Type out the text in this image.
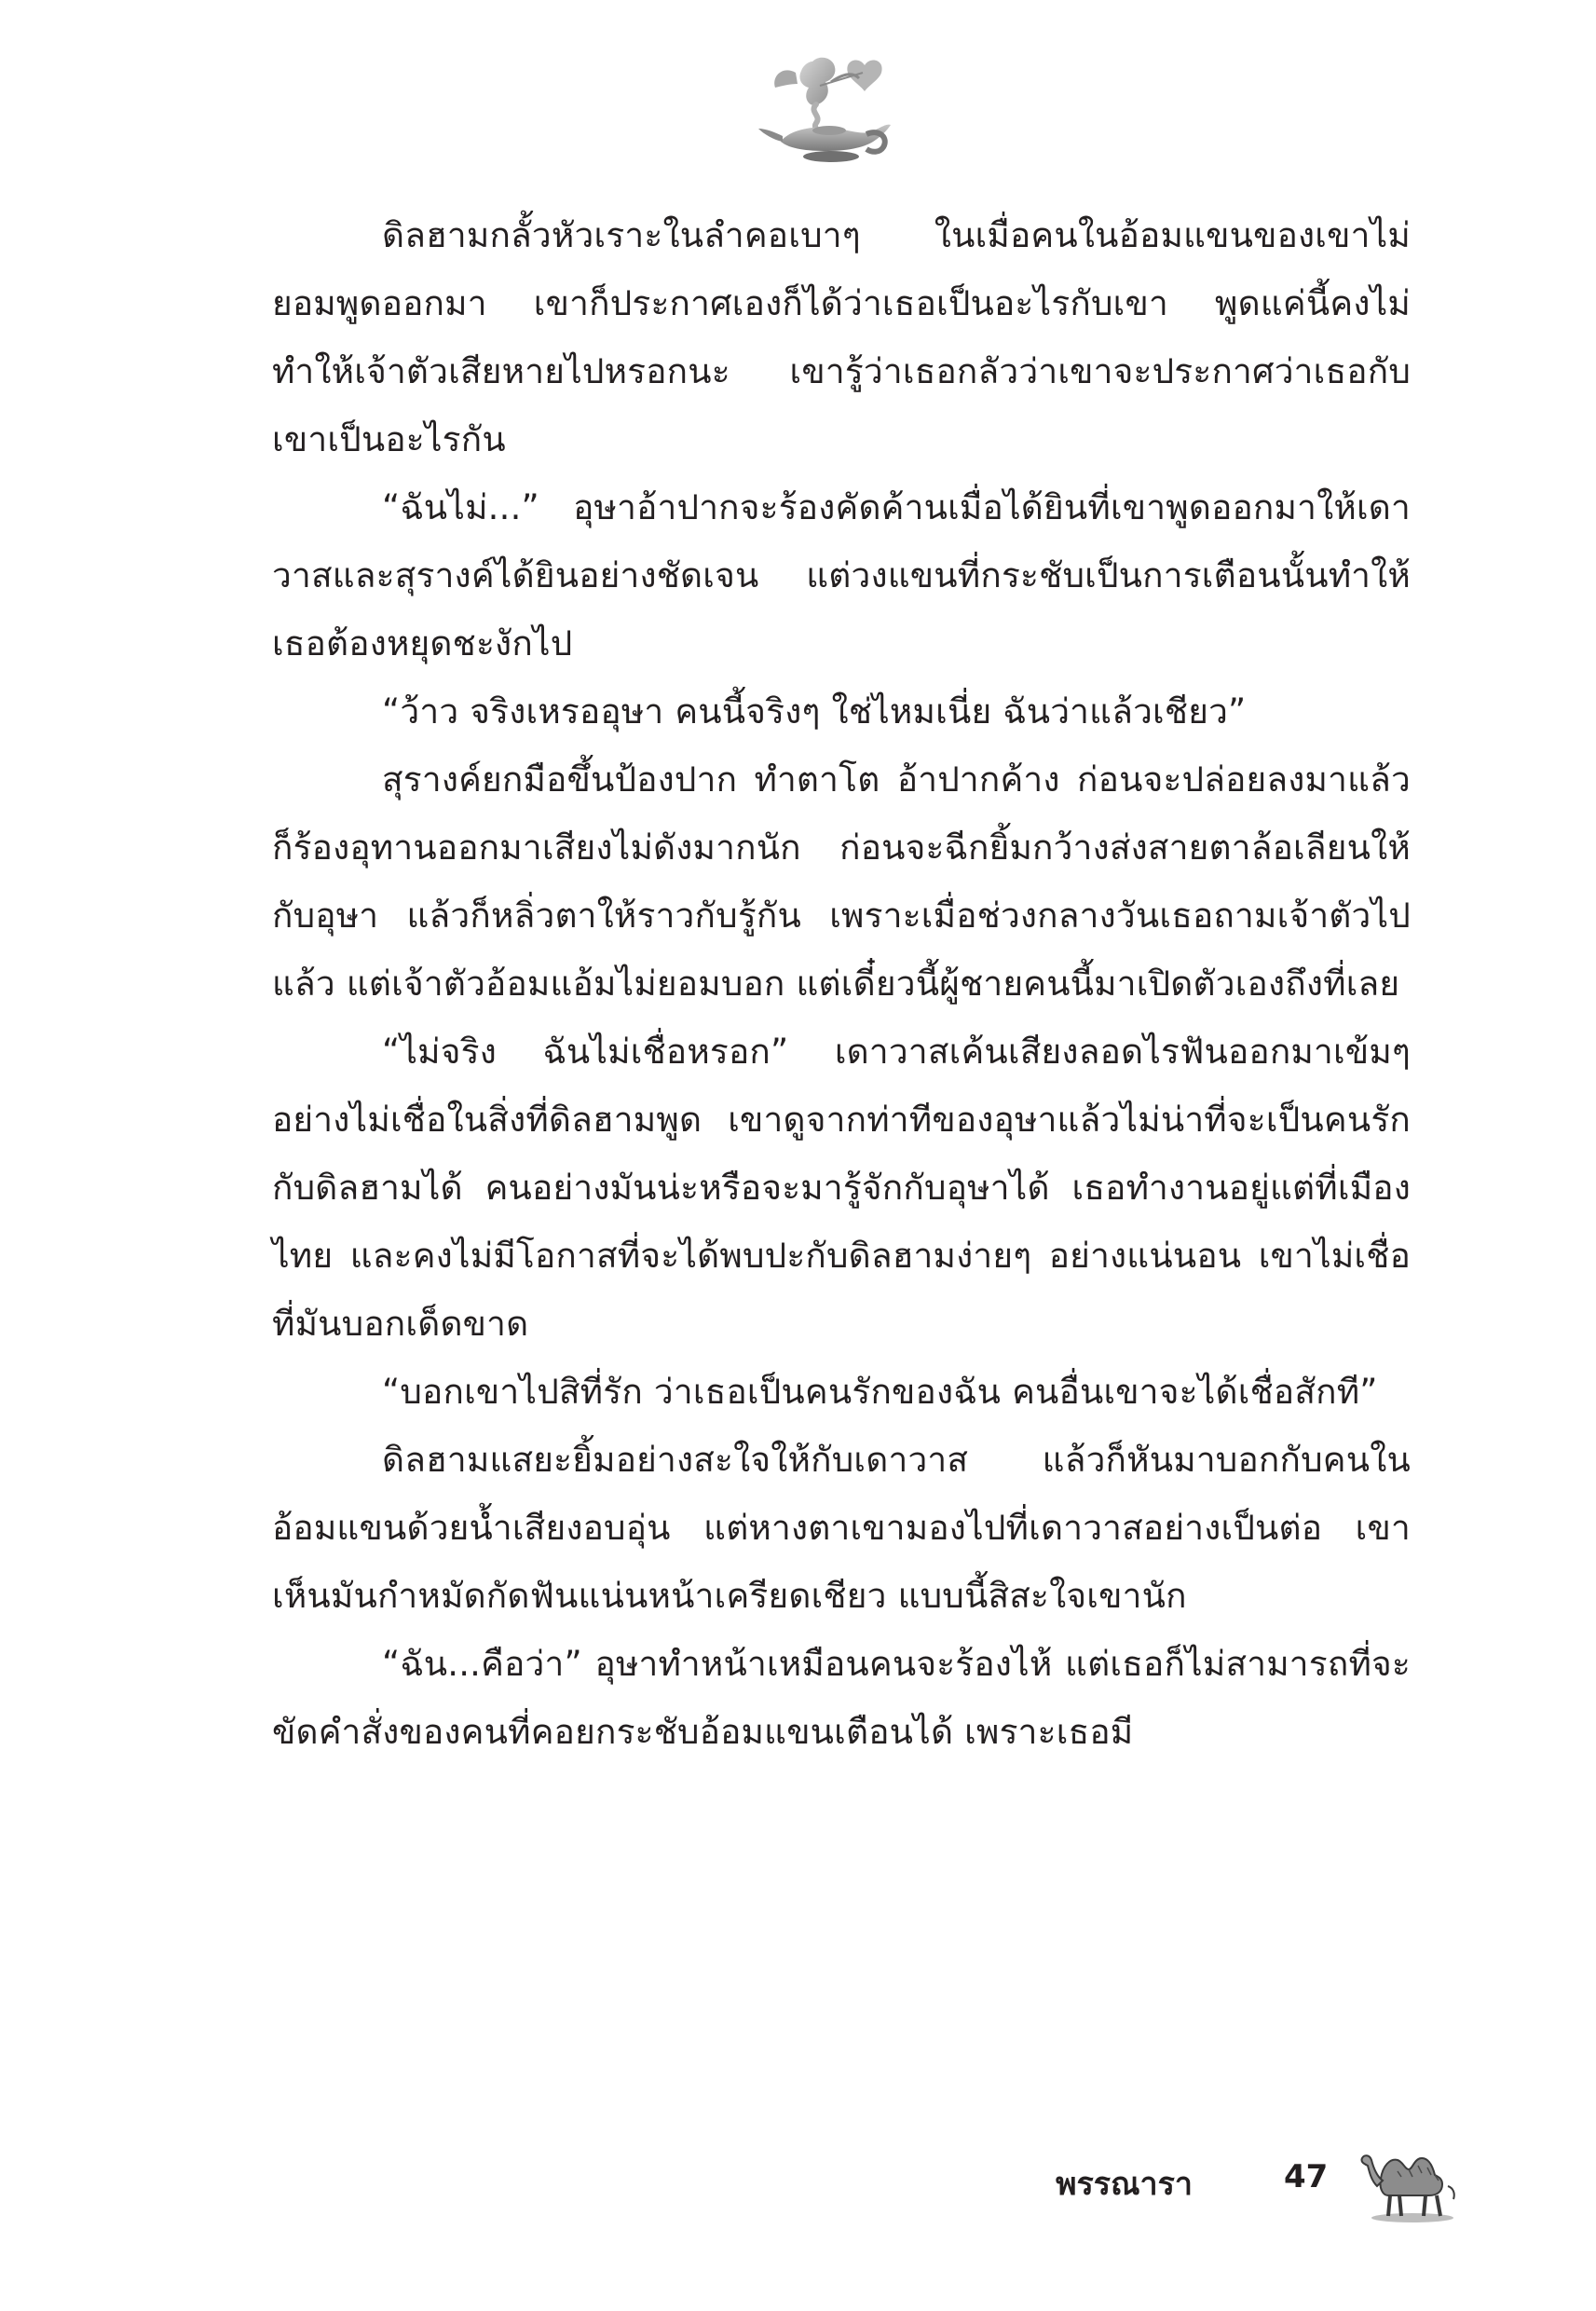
ดิลฮามกลั้วหัวเราะในลำคอเบาๆ ในเมื่อคนในอ้อมแขนของเขาไม่ยอมพูดออกมา เขาก็ประกาศเองก็ได้ว่าเธอเป็นอะไรกับเขา พูดแค่นี้คงไม่ทำให้เจ้าตัวเสียหายไปหรอกนะ เขารู้ว่าเธอกลัวว่าเขาจะประกาศว่าเธอกับเขาเป็นอะไรกัน

“ฉันไม่...” อุษาอ้าปากจะร้องคัดค้านเมื่อได้ยินที่เขาพูดออกมาให้เดาวาสและสุรางค์ได้ยินอย่างชัดเจน แต่วงแขนที่กระชับเป็นการเตือนนั้นทำให้เธอต้องหยุดชะงักไป

“ว้าว จริงเหรออุษา คนนี้จริงๆ ใช่ไหมเนี่ย ฉันว่าแล้วเชียว”

สุรางค์ยกมือขึ้นป้องปาก ทำตาโต อ้าปากค้าง ก่อนจะปล่อยลงมาแล้วก็ร้องอุทานออกมาเสียงไม่ดังมากนัก ก่อนจะฉีกยิ้มกว้างส่งสายตาล้อเลียนให้กับอุษา แล้วก็หลิ่วตาให้ราวกับรู้กัน เพราะเมื่อช่วงกลางวันเธอถามเจ้าตัวไปแล้ว แต่เจ้าตัวอ้อมแอ้มไม่ยอมบอก แต่เดี๋ยวนี้ผู้ชายคนนี้มาเปิดตัวเองถึงที่เลย

“ไม่จริง ฉันไม่เชื่อหรอก” เดาวาสเค้นเสียงลอดไรฟันออกมาเข้มๆ อย่างไม่เชื่อในสิ่งที่ดิลฮามพูด เขาดูจากท่าทีของอุษาแล้วไม่น่าที่จะเป็นคนรักกับดิลฮามได้ คนอย่างมันน่ะหรือจะมารู้จักกับอุษาได้ เธอทำงานอยู่แต่ที่เมืองไทย และคงไม่มีโอกาสที่จะได้พบปะกับดิลฮามง่ายๆ อย่างแน่นอน เขาไม่เชื่อที่มันบอกเด็ดขาด

“บอกเขาไปสิที่รัก ว่าเธอเป็นคนรักของฉัน คนอื่นเขาจะได้เชื่อสักที”

ดิลฮามแสยะยิ้มอย่างสะใจให้กับเดาวาส แล้วก็หันมาบอกกับคนในอ้อมแขนด้วยน้ำเสียงอบอุ่น แต่หางตาเขามองไปที่เดาวาสอย่างเป็นต่อ เขาเห็นมันกำหมัดกัดฟันแน่นหน้าเครียดเชียว แบบนี้สิสะใจเขานัก

“ฉัน...คือว่า” อุษาทำหน้าเหมือนคนจะร้องไห้ แต่เธอก็ไม่สามารถที่จะขัดคำสั่งของคนที่คอยกระชับอ้อมแขนเตือนได้ เพราะเธอมี

พรรณารา	47
